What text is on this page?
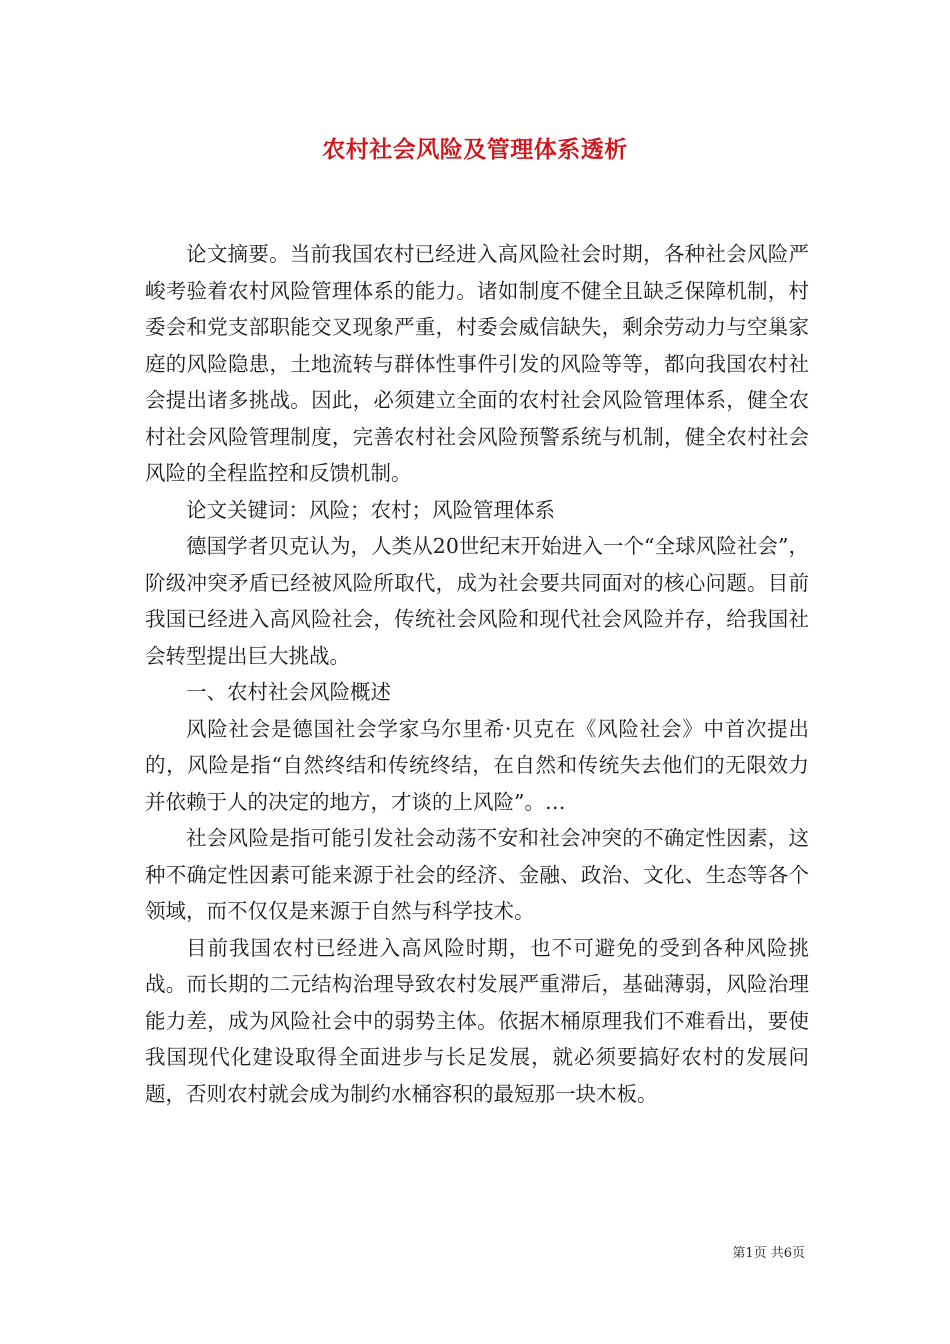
农村社会风险及管理体系透析

论文摘要。当前我国农村已经进入高风险社会时期，各种社会风险严峻考验着农村风险管理体系的能力。诸如制度不健全且缺乏保障机制，村委会和党支部职能交叉现象严重，村委会威信缺失，剩余劳动力与空巢家庭的风险隐患，土地流转与群体性事件引发的风险等等，都向我国农村社会提出诸多挑战。因此，必须建立全面的农村社会风险管理体系，健全农村社会风险管理制度，完善农村社会风险预警系统与机制，健全农村社会风险的全程监控和反馈机制。

论文关键词：风险；农村；风险管理体系

德国学者贝克认为，人类从20世纪末开始进入一个“全球风险社会”，阶级冲突矛盾已经被风险所取代，成为社会要共同面对的核心问题。目前我国已经进入高风险社会，传统社会风险和现代社会风险并存，给我国社会转型提出巨大挑战。

一、农村社会风险概述

风险社会是德国社会学家乌尔里希·贝克在《风险社会》中首次提出的，风险是指“自然终结和传统终结，在自然和传统失去他们的无限效力并依赖于人的决定的地方，才谈的上风险”。…

社会风险是指可能引发社会动荡不安和社会冲突的不确定性因素，这种不确定性因素可能来源于社会的经济、金融、政治、文化、生态等各个领域，而不仅仅是来源于自然与科学技术。

目前我国农村已经进入高风险时期，也不可避免的受到各种风险挑战。而长期的二元结构治理导致农村发展严重滞后，基础薄弱，风险治理能力差，成为风险社会中的弱势主体。依据木桶原理我们不难看出，要使我国现代化建设取得全面进步与长足发展，就必须要搞好农村的发展问题，否则农村就会成为制约水桶容积的最短那一块木板。

第1页 共6页
